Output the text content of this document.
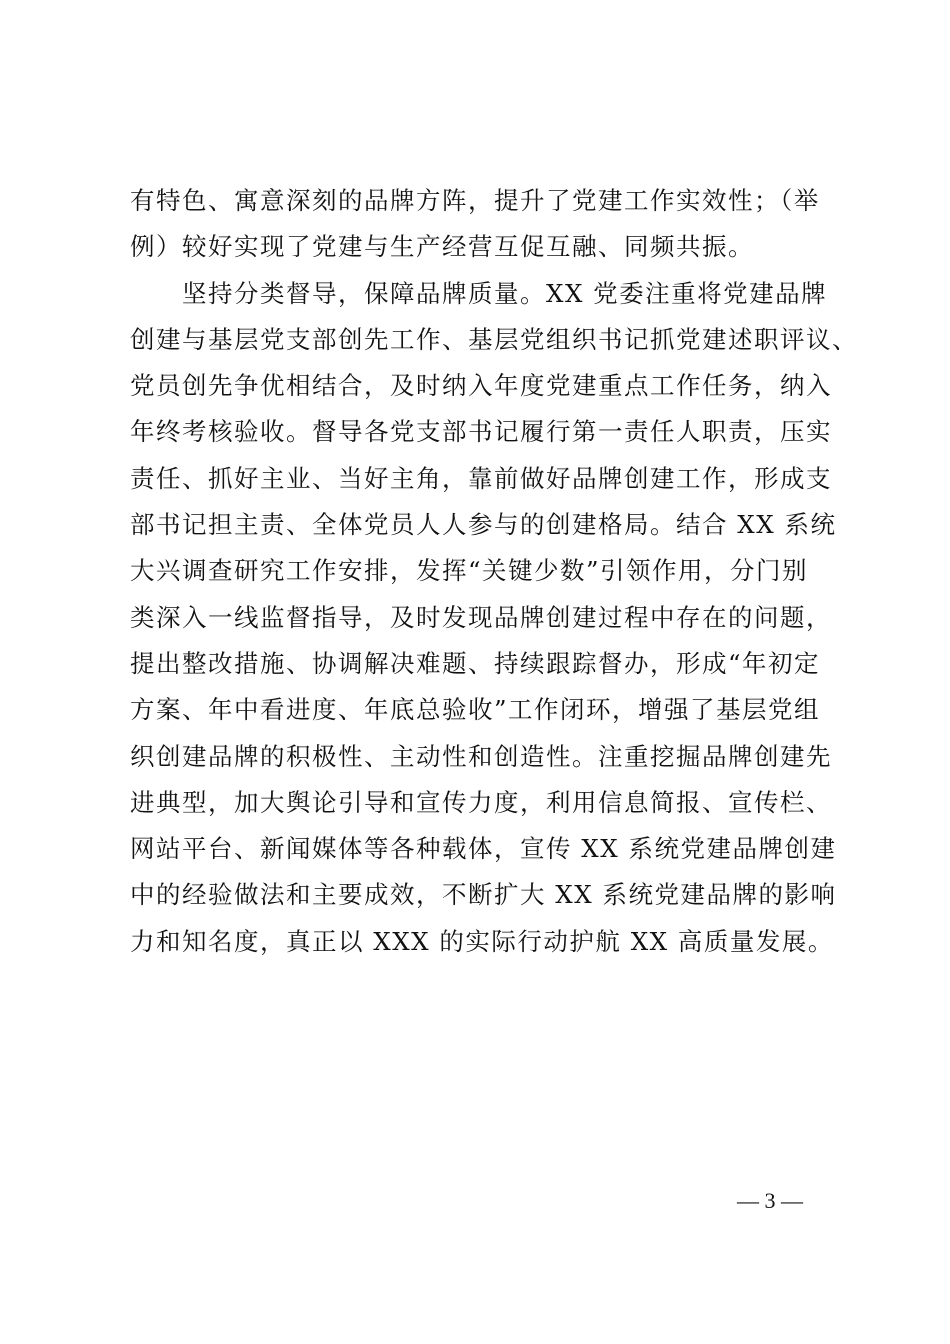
有特色、寓意深刻的品牌方阵，提升了党建工作实效性；（举
例）较好实现了党建与生产经营互促互融、同频共振。
　　坚持分类督导，保障品牌质量。XX 党委注重将党建品牌
创建与基层党支部创先工作、基层党组织书记抓党建述职评议、
党员创先争优相结合，及时纳入年度党建重点工作任务，纳入
年终考核验收。督导各党支部书记履行第一责任人职责，压实
责任、抓好主业、当好主角，靠前做好品牌创建工作，形成支
部书记担主责、全体党员人人参与的创建格局。结合 XX 系统
大兴调查研究工作安排，发挥“关键少数”引领作用，分门别
类深入一线监督指导，及时发现品牌创建过程中存在的问题，
提出整改措施、协调解决难题、持续跟踪督办，形成“年初定
方案、年中看进度、年底总验收”工作闭环，增强了基层党组
织创建品牌的积极性、主动性和创造性。注重挖掘品牌创建先
进典型，加大舆论引导和宣传力度，利用信息简报、宣传栏、
网站平台、新闻媒体等各种载体，宣传 XX 系统党建品牌创建
中的经验做法和主要成效，不断扩大 XX 系统党建品牌的影响
力和知名度，真正以 XXX 的实际行动护航 XX 高质量发展。
— 3 —
